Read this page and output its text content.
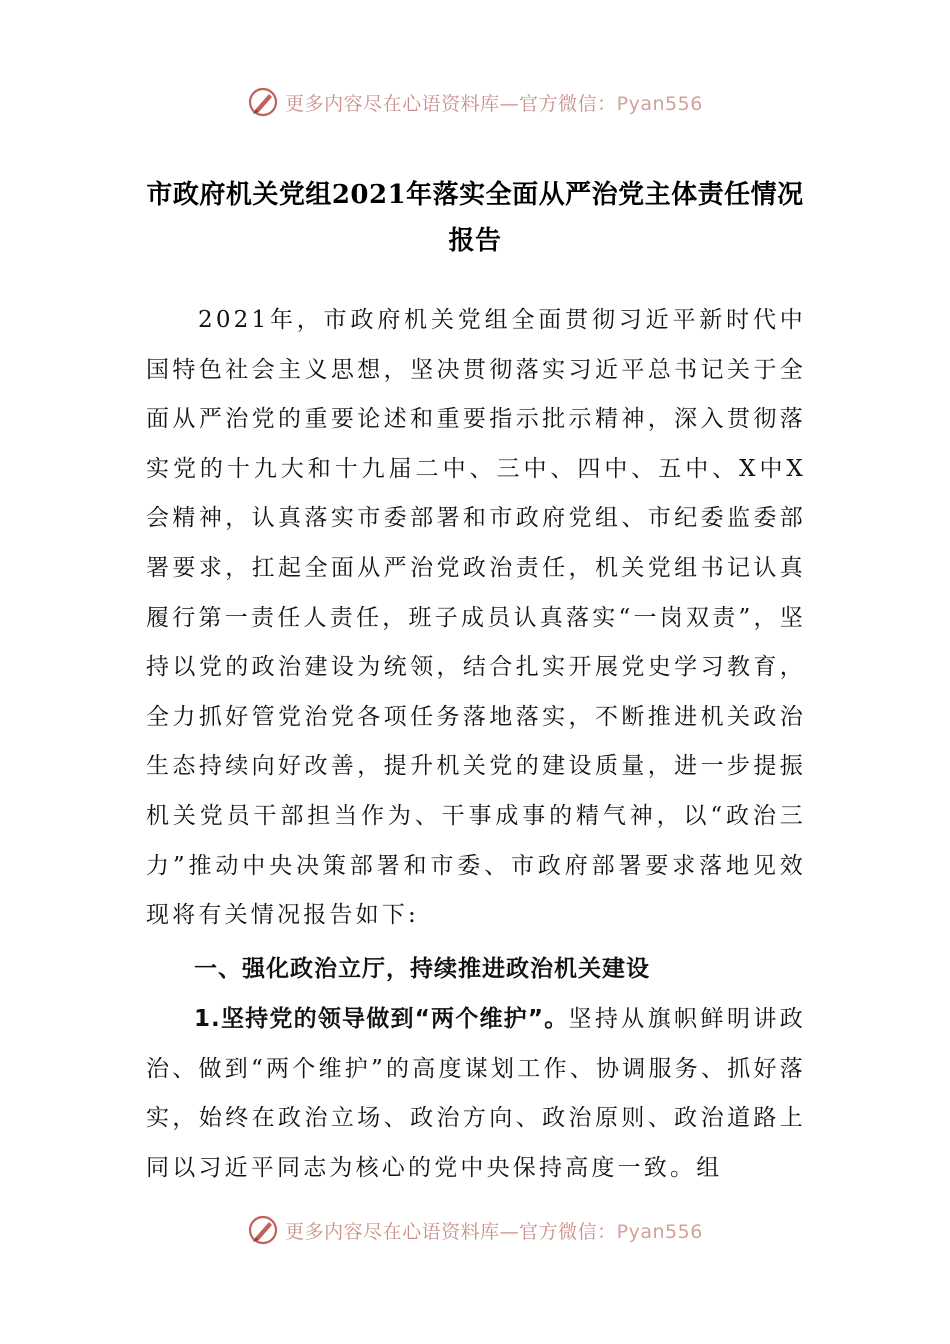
更多内容尽在心语资料库—官方微信：Pyan556
市政府机关党组2021年落实全面从严治党主体责任情况报告

2021年，市政府机关党组全面贯彻习近平新时代中国特色社会主义思想，坚决贯彻落实习近平总书记关于全面从严治党的重要论述和重要指示批示精神，深入贯彻落实党的十九大和十九届二中、三中、四中、五中、X中X会精神，认真落实市委部署和市政府党组、市纪委监委部署要求，扛起全面从严治党政治责任，机关党组书记认真履行第一责任人责任，班子成员认真落实“一岗双责”，坚持以党的政治建设为统领，结合扎实开展党史学习教育，全力抓好管党治党各项任务落地落实，不断推进机关政治生态持续向好改善，提升机关党的建设质量，进一步提振机关党员干部担当作为、干事成事的精气神，以“政治三力”推动中央决策部署和市委、市政府部署要求落地见效现将有关情况报告如下:

一、强化政治立厅，持续推进政治机关建设

1.坚持党的领导做到“两个维护”。坚持从旗帜鲜明讲政治、做到“两个维护”的高度谋划工作、协调服务、抓好落实，始终在政治立场、政治方向、政治原则、政治道路上同以习近平同志为核心的党中央保持高度一致。组

更多内容尽在心语资料库—官方微信：Pyan556
